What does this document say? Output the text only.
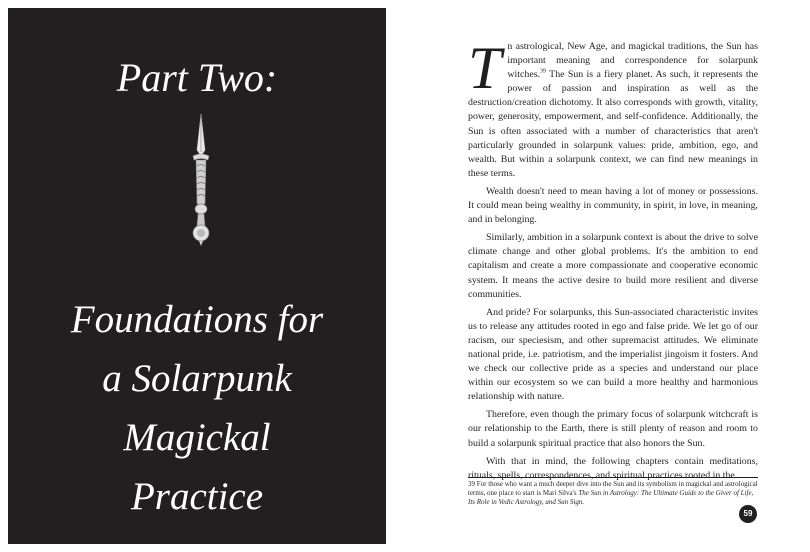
Part Two:
Foundations for
a Solarpunk
Magickal
Practice

Tn astrological, New Age, and magickal traditions, the Sun has important meaning and correspondence for solarpunk witches.$^{39}$ The Sun is a fiery planet. As such, it represents the power of passion and inspiration as well as the destruction/creation dichotomy. It also corresponds with growth, vitality, power, generosity, empowerment, and self-confidence. Additionally, the Sun is often associated with a number of characteristics that aren't particularly grounded in solarpunk values: pride, ambition, ego, and wealth. But within a solarpunk context, we can find new meanings in these terms.

Wealth doesn't need to mean having a lot of money or possessions. It could mean being wealthy in community, in spirit, in love, in meaning, and in belonging.

Similarly, ambition in a solarpunk context is about the drive to solve climate change and other global problems. It's the ambition to end capitalism and create a more compassionate and cooperative economic system. It means the active desire to build more resilient and diverse communities.

And pride? For solarpunks, this Sun-associated characteristic invites us to release any attitudes rooted in ego and false pride. We let go of our racism, our speciesism, and other supremacist attitudes. We eliminate national pride, i.e. patriotism, and the imperialist jingoism it fosters. And we check our collective pride as a species and understand our place within our ecosystem so we can build a more healthy and harmonious relationship with nature.

Therefore, even though the primary focus of solarpunk witchcraft is our relationship to the Earth, there is still plenty of reason and room to build a solarpunk spiritual practice that also honors the Sun.

With that in mind, the following chapters contain meditations, rituals, spells, correspondences, and spiritual practices rooted in the

39 For those who want a much deeper dive into the Sun and its symbolism in magickal and astrological terms, one place to start is Mari Silva's The Sun in Astrology: The Ultimate Guide to the Giver of Life, Its Role in Vedic Astrology, and Sun Sign.
59
